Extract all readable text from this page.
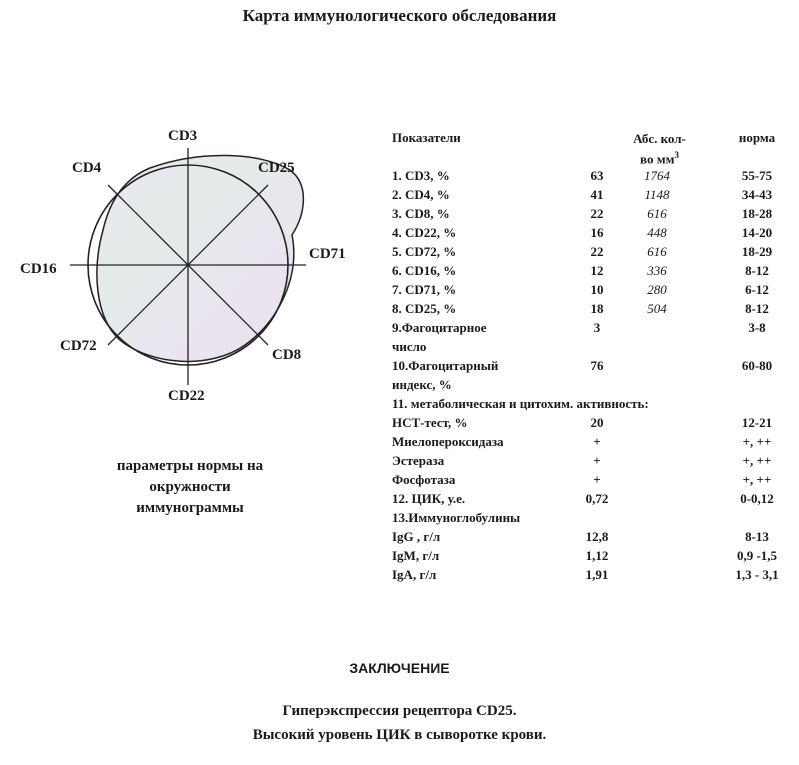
Карта иммунологического обследования
CD3
CD25
CD71
CD8
CD22
CD72
CD16
CD4
параметры нормы на
окружности
иммунограммы
Показатели	Абс. кол-
во $мм^3$
норма
1. CD3, %	63	1764	55-75
2. CD4, %	41	1148	34-43
3. CD8, %	22	616	18-28
4. CD22, %	16	448	14-20
5. CD72, %	22	616	18-29
6. CD16, %	12	336	8-12
7. CD71, %	10	280	6-12
8. CD25, %	18	504	8-12
9.Фагоцитарное	3	3-8
число
10.Фагоцитарный	76	60-80
индекс, %
11. метаболическая и цитохим. активность:
НСТ-тест, %	20	12-21
Миелопероксидаза	+	+, ++
Эстераза	+	+, ++
Фосфотаза	+	+, ++
12. ЦИК, у.е.	0,72	0-0,12
13.Иммуноглобулины
IgG , г/л	12,8	8-13
IgM, г/л	1,12	0,9 -1,5
IgA, г/л	1,91	1,3 - 3,1
ЗАКЛЮЧЕНИЕ
Гиперэкспрессия рецептора CD25.
Высокий уровень ЦИК в сыворотке крови.
